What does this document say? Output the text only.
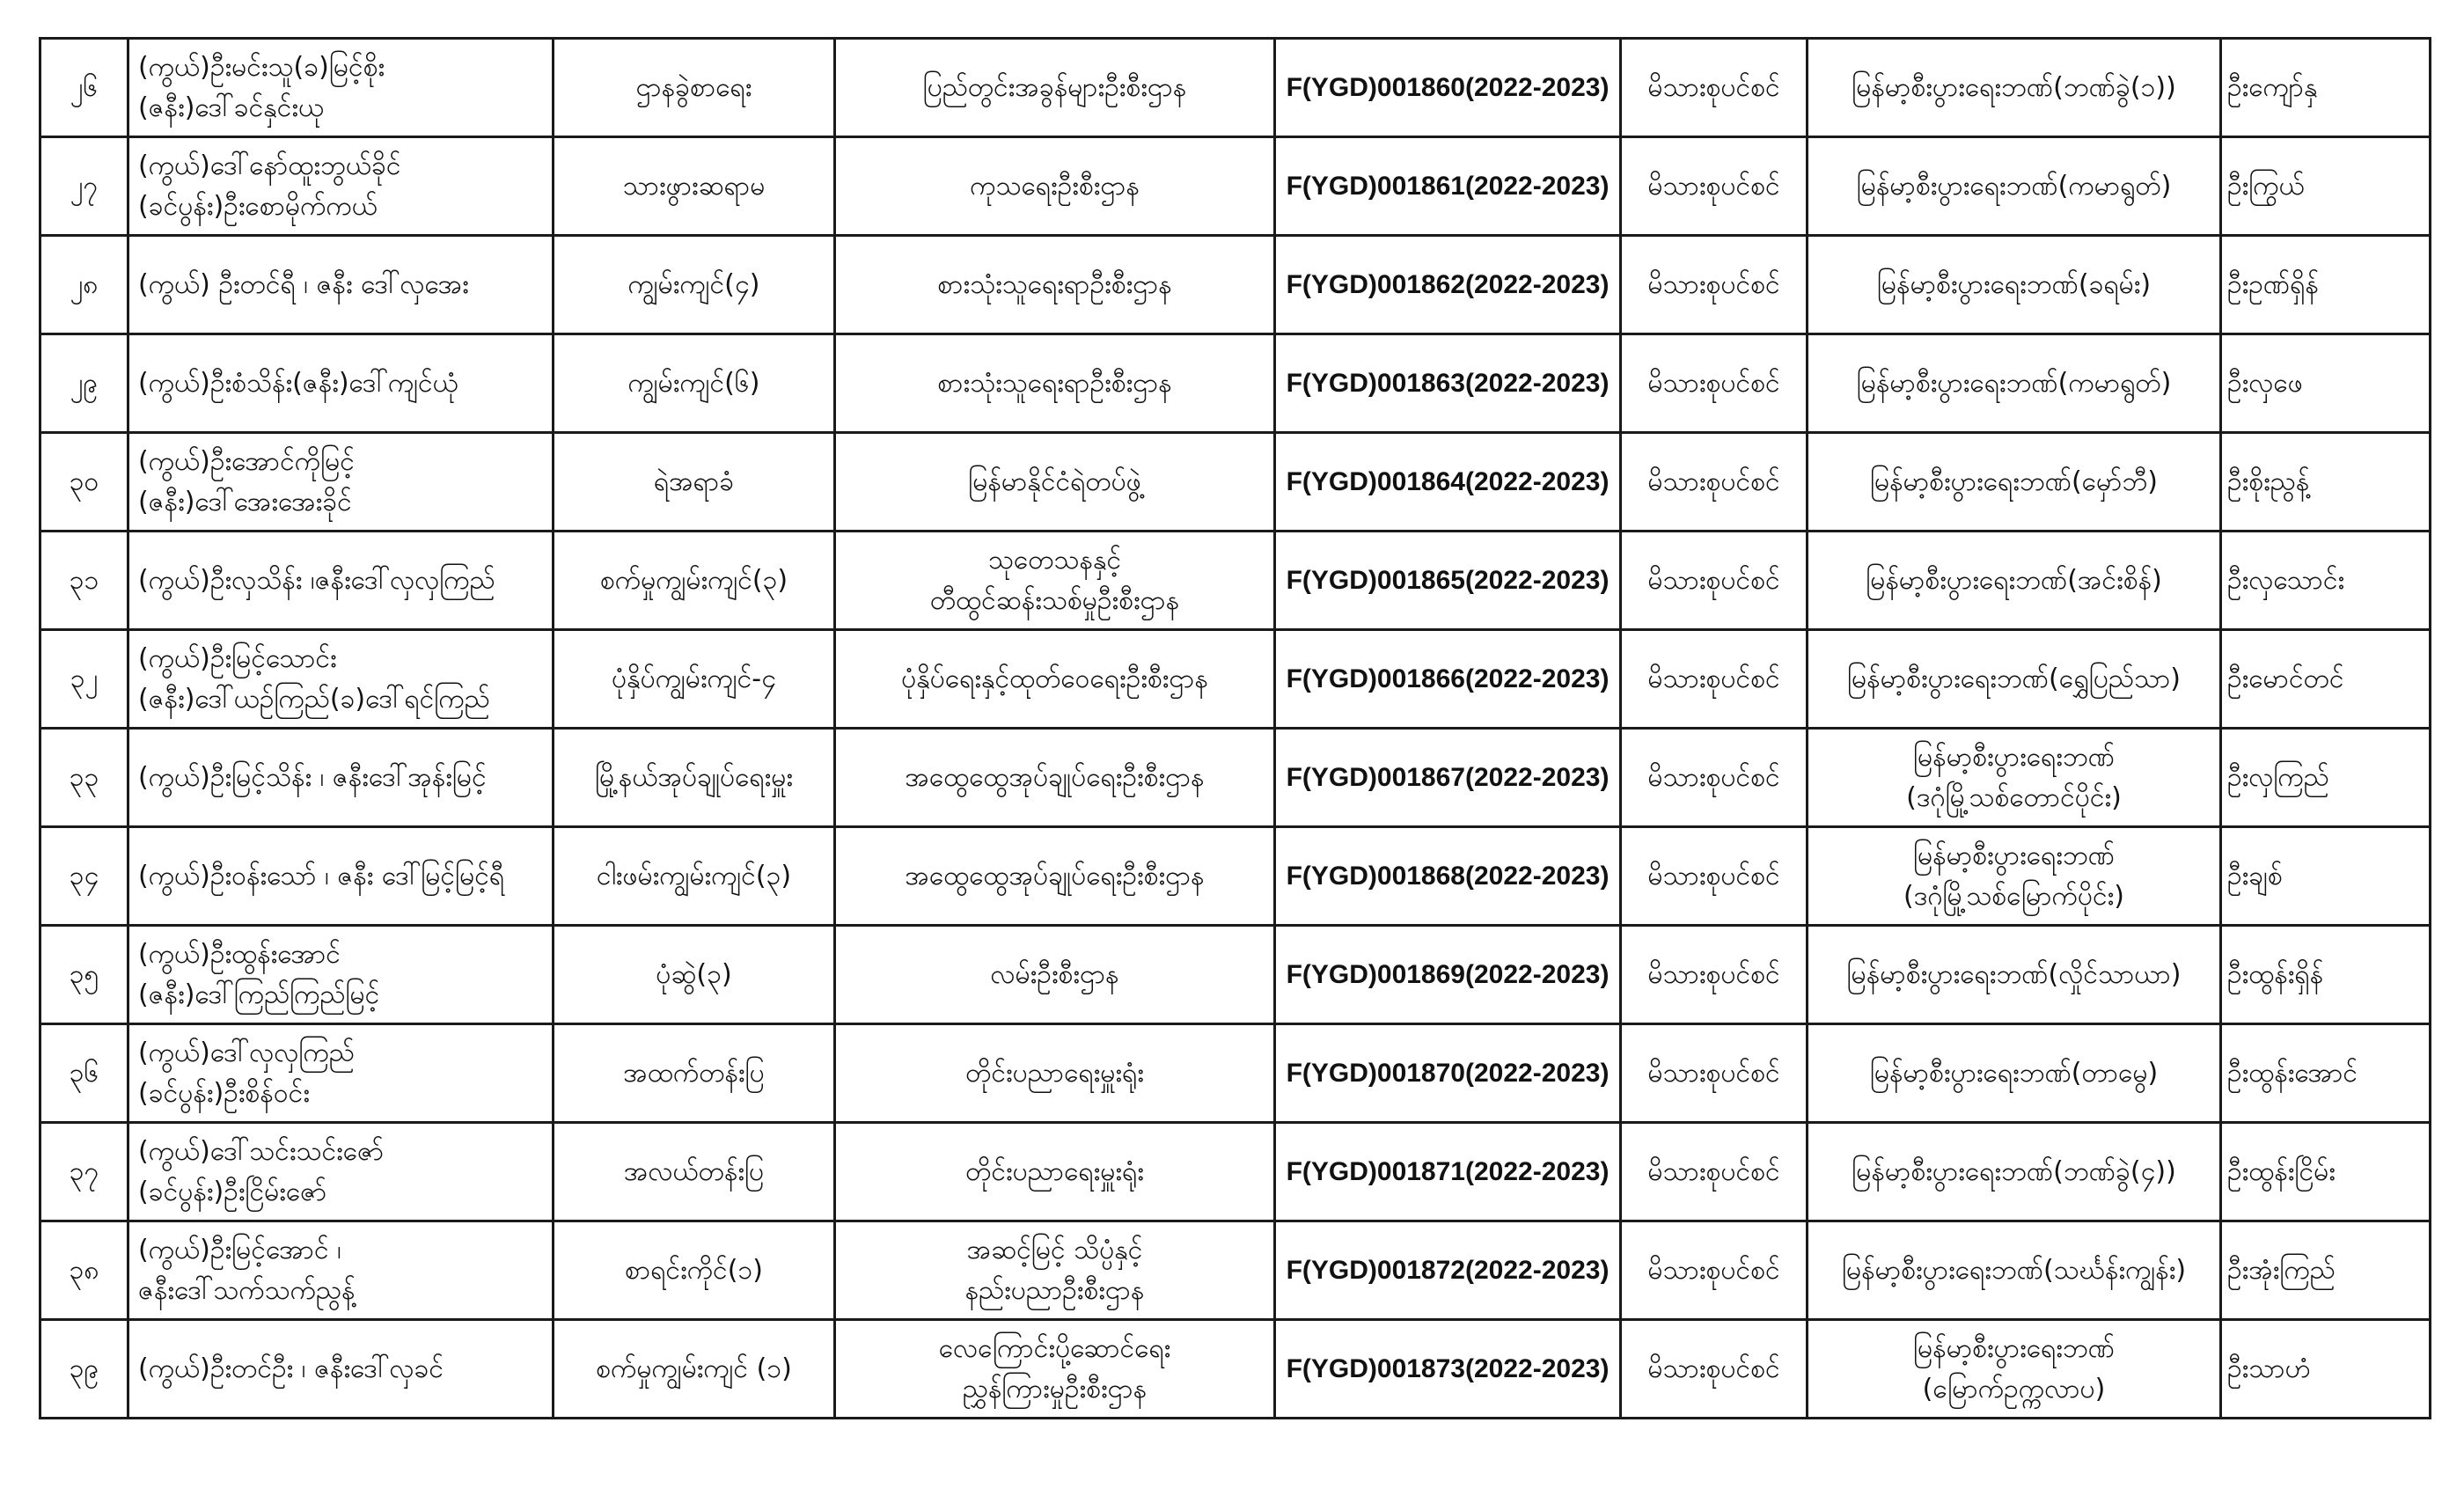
၂၆	(ကွယ်)ဦးမင်းသူ(ခ)မြင့်စိုး
(ဇနီး)ဒေါ်ခင်နှင်းယု	ဌာနခွဲစာရေး	ပြည်တွင်းအခွန်များဦးစီးဌာန	F(YGD)001860(2022-2023)	မိသားစုပင်စင်	မြန်မာ့စီးပွားရေးဘဏ်(ဘဏ်ခွဲ(၁))	ဦးကျော်နှ
၂၇	(ကွယ်)ဒေါ်နော်ထူးဘွယ်ခိုင်
(ခင်ပွန်း)ဦးစောမိုက်ကယ်	သားဖွားဆရာမ	ကုသရေးဦးစီးဌာန	F(YGD)001861(2022-2023)	မိသားစုပင်စင်	မြန်မာ့စီးပွားရေးဘဏ်(ကမာရွတ်)	ဦးကြွယ်
၂၈	(ကွယ်) ဦးတင်ရီ ၊ ဇနီး ဒေါ်လှအေး	ကျွမ်းကျင်(၄)	စားသုံးသူရေးရာဦးစီးဌာန	F(YGD)001862(2022-2023)	မိသားစုပင်စင်	မြန်မာ့စီးပွားရေးဘဏ်(ခရမ်း)	ဦးဥဏ်ရှိန်
၂၉	(ကွယ်)ဦးစံသိန်း(ဇနီး)ဒေါ်ကျင်ယုံ	ကျွမ်းကျင်(၆)	စားသုံးသူရေးရာဦးစီးဌာန	F(YGD)001863(2022-2023)	မိသားစုပင်စင်	မြန်မာ့စီးပွားရေးဘဏ်(ကမာရွတ်)	ဦးလှဖေ
၃၀	(ကွယ်)ဦးအောင်ကိုမြင့်
(ဇနီး)ဒေါ်အေးအေးခိုင်	ရဲအရာခံ	မြန်မာနိုင်ငံရဲတပ်ဖွဲ့	F(YGD)001864(2022-2023)	မိသားစုပင်စင်	မြန်မာ့စီးပွားရေးဘဏ်(မှော်ဘီ)	ဦးစိုးညွန့်
၃၁	(ကွယ်)ဦးလှသိန်း ၊ဇနီးဒေါ်လှလှကြည်	စက်မှုကျွမ်းကျင်(၃)	သုတေသနနှင့်
တီထွင်ဆန်းသစ်မှုဦးစီးဌာန	F(YGD)001865(2022-2023)	မိသားစုပင်စင်	မြန်မာ့စီးပွားရေးဘဏ်(အင်းစိန်)	ဦးလှသောင်း
၃၂	(ကွယ်)ဦးမြင့်သောင်း
(ဇနီး)ဒေါ်ယဉ်ကြည်(ခ)ဒေါ်ရင်ကြည်	ပုံနှိပ်ကျွမ်းကျင်-၄	ပုံနှိပ်ရေးနှင့်ထုတ်ဝေရေးဦးစီးဌာန	F(YGD)001866(2022-2023)	မိသားစုပင်စင်	မြန်မာ့စီးပွားရေးဘဏ်(ရွှေပြည်သာ)	ဦးမောင်တင်
၃၃	(ကွယ်)ဦးမြင့်သိန်း ၊ ဇနီးဒေါ်အုန်းမြင့်	မြို့နယ်အုပ်ချုပ်ရေးမှူး	အထွေထွေအုပ်ချုပ်ရေးဦးစီးဌာန	F(YGD)001867(2022-2023)	မိသားစုပင်စင်	မြန်မာ့စီးပွားရေးဘဏ်
(ဒဂုံမြို့သစ်တောင်ပိုင်း)	ဦးလှကြည်
၃၄	(ကွယ်)ဦးဝန်းသော် ၊ ဇနီး ဒေါ်မြင့်မြင့်ရီ	ငါးဖမ်းကျွမ်းကျင်(၃)	အထွေထွေအုပ်ချုပ်ရေးဦးစီးဌာန	F(YGD)001868(2022-2023)	မိသားစုပင်စင်	မြန်မာ့စီးပွားရေးဘဏ်
(ဒဂုံမြို့သစ်မြောက်ပိုင်း)	ဦးချစ်
၃၅	(ကွယ်)ဦးထွန်းအောင်
(ဇနီး)ဒေါ်ကြည်ကြည်မြင့်	ပုံဆွဲ(၃)	လမ်းဦးစီးဌာန	F(YGD)001869(2022-2023)	မိသားစုပင်စင်	မြန်မာ့စီးပွားရေးဘဏ်(လှိုင်သာယာ)	ဦးထွန်းရှိန်
၃၆	(ကွယ်)ဒေါ်လှလှကြည်
(ခင်ပွန်း)ဦးစိန်ဝင်း	အထက်တန်းပြ	တိုင်းပညာရေးမှူးရုံး	F(YGD)001870(2022-2023)	မိသားစုပင်စင်	မြန်မာ့စီးပွားရေးဘဏ်(တာမွေ)	ဦးထွန်းအောင်
၃၇	(ကွယ်)ဒေါ်သင်းသင်းဇော်
(ခင်ပွန်း)ဦးငြိမ်းဇော်	အလယ်တန်းပြ	တိုင်းပညာရေးမှူးရုံး	F(YGD)001871(2022-2023)	မိသားစုပင်စင်	မြန်မာ့စီးပွားရေးဘဏ်(ဘဏ်ခွဲ(၄))	ဦးထွန်းငြိမ်း
၃၈	(ကွယ်)ဦးမြင့်အောင် ၊
ဇနီးဒေါ်သက်သက်ညွန့်	စာရင်းကိုင်(၁)	အဆင့်မြင့် သိပ္ပံနှင့်
နည်းပညာဦးစီးဌာန	F(YGD)001872(2022-2023)	မိသားစုပင်စင်	မြန်မာ့စီးပွားရေးဘဏ်(သင်္ဃန်းကျွန်း)	ဦးအုံးကြည်
၃၉	(ကွယ်)ဦးတင်ဦး ၊ ဇနီးဒေါ်လှခင်	စက်မှုကျွမ်းကျင် (၁)	လေကြောင်းပို့ဆောင်ရေး
ညွှန်ကြားမှုဦးစီးဌာန	F(YGD)001873(2022-2023)	မိသားစုပင်စင်	မြန်မာ့စီးပွားရေးဘဏ်
(မြောက်ဥက္ကလာပ)	ဦးသာဟံ
